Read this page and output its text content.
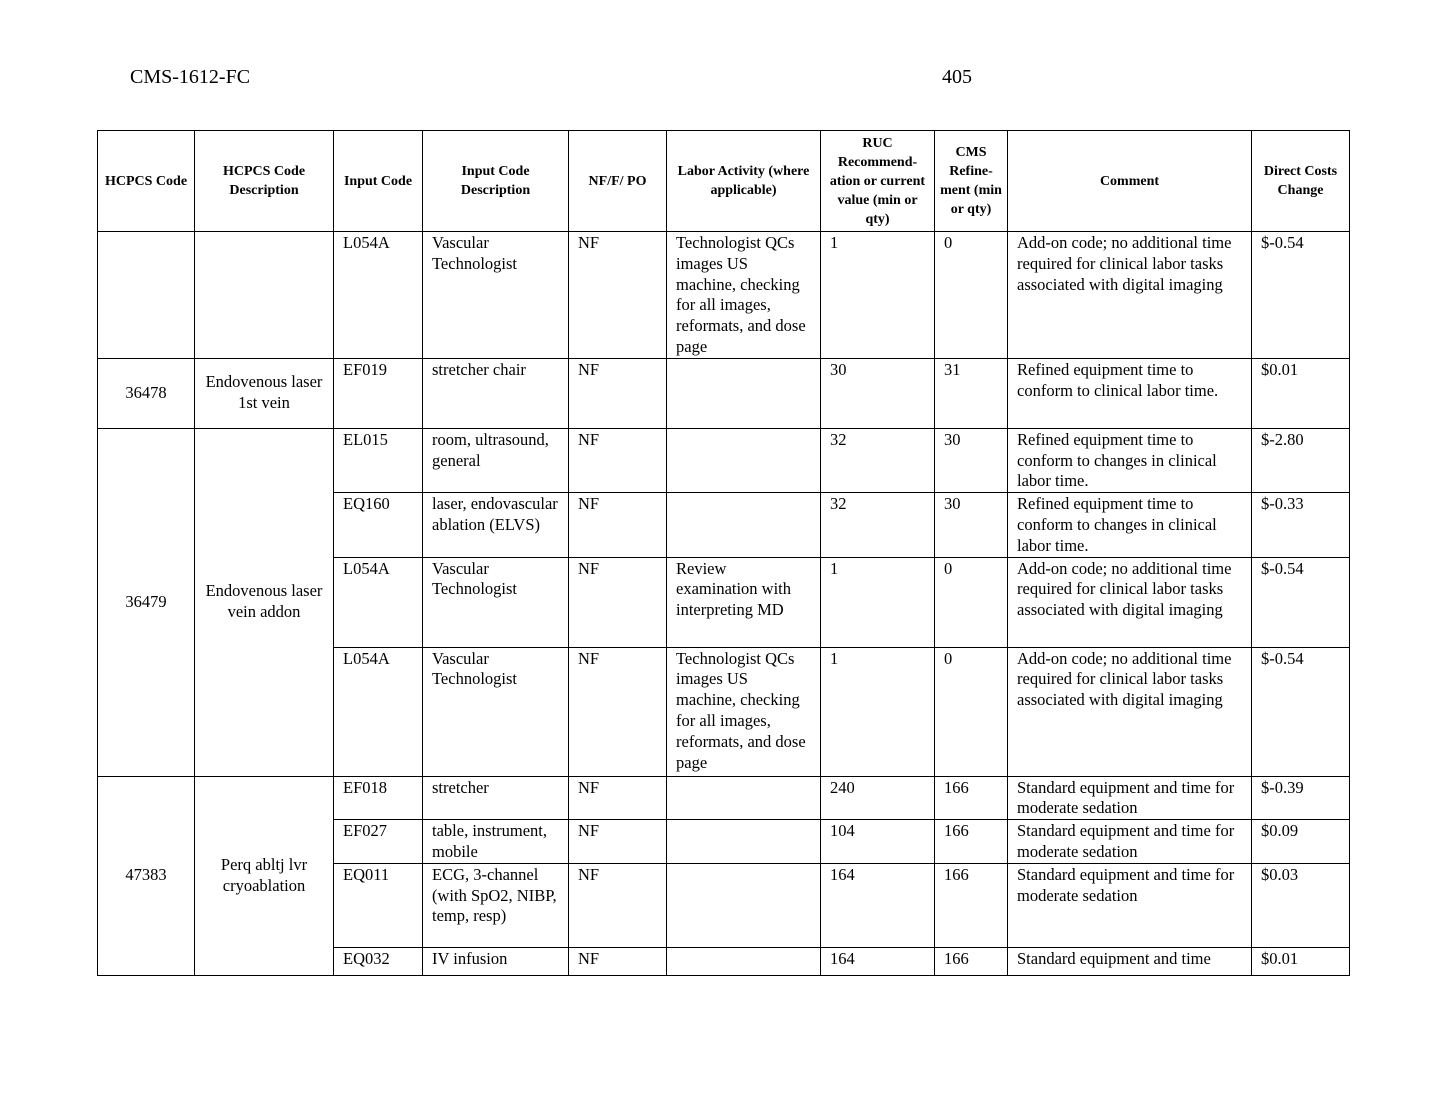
CMS-1612-FC	405
HCPCS Code	HCPCS Code Description	Input Code	Input Code Description	NF/F/ PO	Labor Activity (where applicable)	RUC Recommend-ation or current value (min or qty)	CMS Refine-ment (min or qty)	Comment	Direct Costs Change
		L054A	Vascular Technologist	NF	Technologist QCs images US machine, checking for all images, reformats, and dose page	1	0	Add-on code; no additional time required for clinical labor tasks associated with digital imaging	$-0.54
36478	Endovenous laser 1st vein	EF019	stretcher chair	NF		30	31	Refined equipment time to conform to clinical labor time.	$0.01
36479	Endovenous laser vein addon	EL015	room, ultrasound, general	NF		32	30	Refined equipment time to conform to changes in clinical labor time.	$-2.80
		EQ160	laser, endovascular ablation (ELVS)	NF		32	30	Refined equipment time to conform to changes in clinical labor time.	$-0.33
		L054A	Vascular Technologist	NF	Review examination with interpreting MD	1	0	Add-on code; no additional time required for clinical labor tasks associated with digital imaging	$-0.54
		L054A	Vascular Technologist	NF	Technologist QCs images US machine, checking for all images, reformats, and dose page	1	0	Add-on code; no additional time required for clinical labor tasks associated with digital imaging	$-0.54
47383	Perq abltj lvr cryoablation	EF018	stretcher	NF		240	166	Standard equipment and time for moderate sedation	$-0.39
		EF027	table, instrument, mobile	NF		104	166	Standard equipment and time for moderate sedation	$0.09
		EQ011	ECG, 3-channel (with SpO2, NIBP, temp, resp)	NF		164	166	Standard equipment and time for moderate sedation	$0.03
		EQ032	IV infusion	NF		164	166	Standard equipment and time	$0.01
